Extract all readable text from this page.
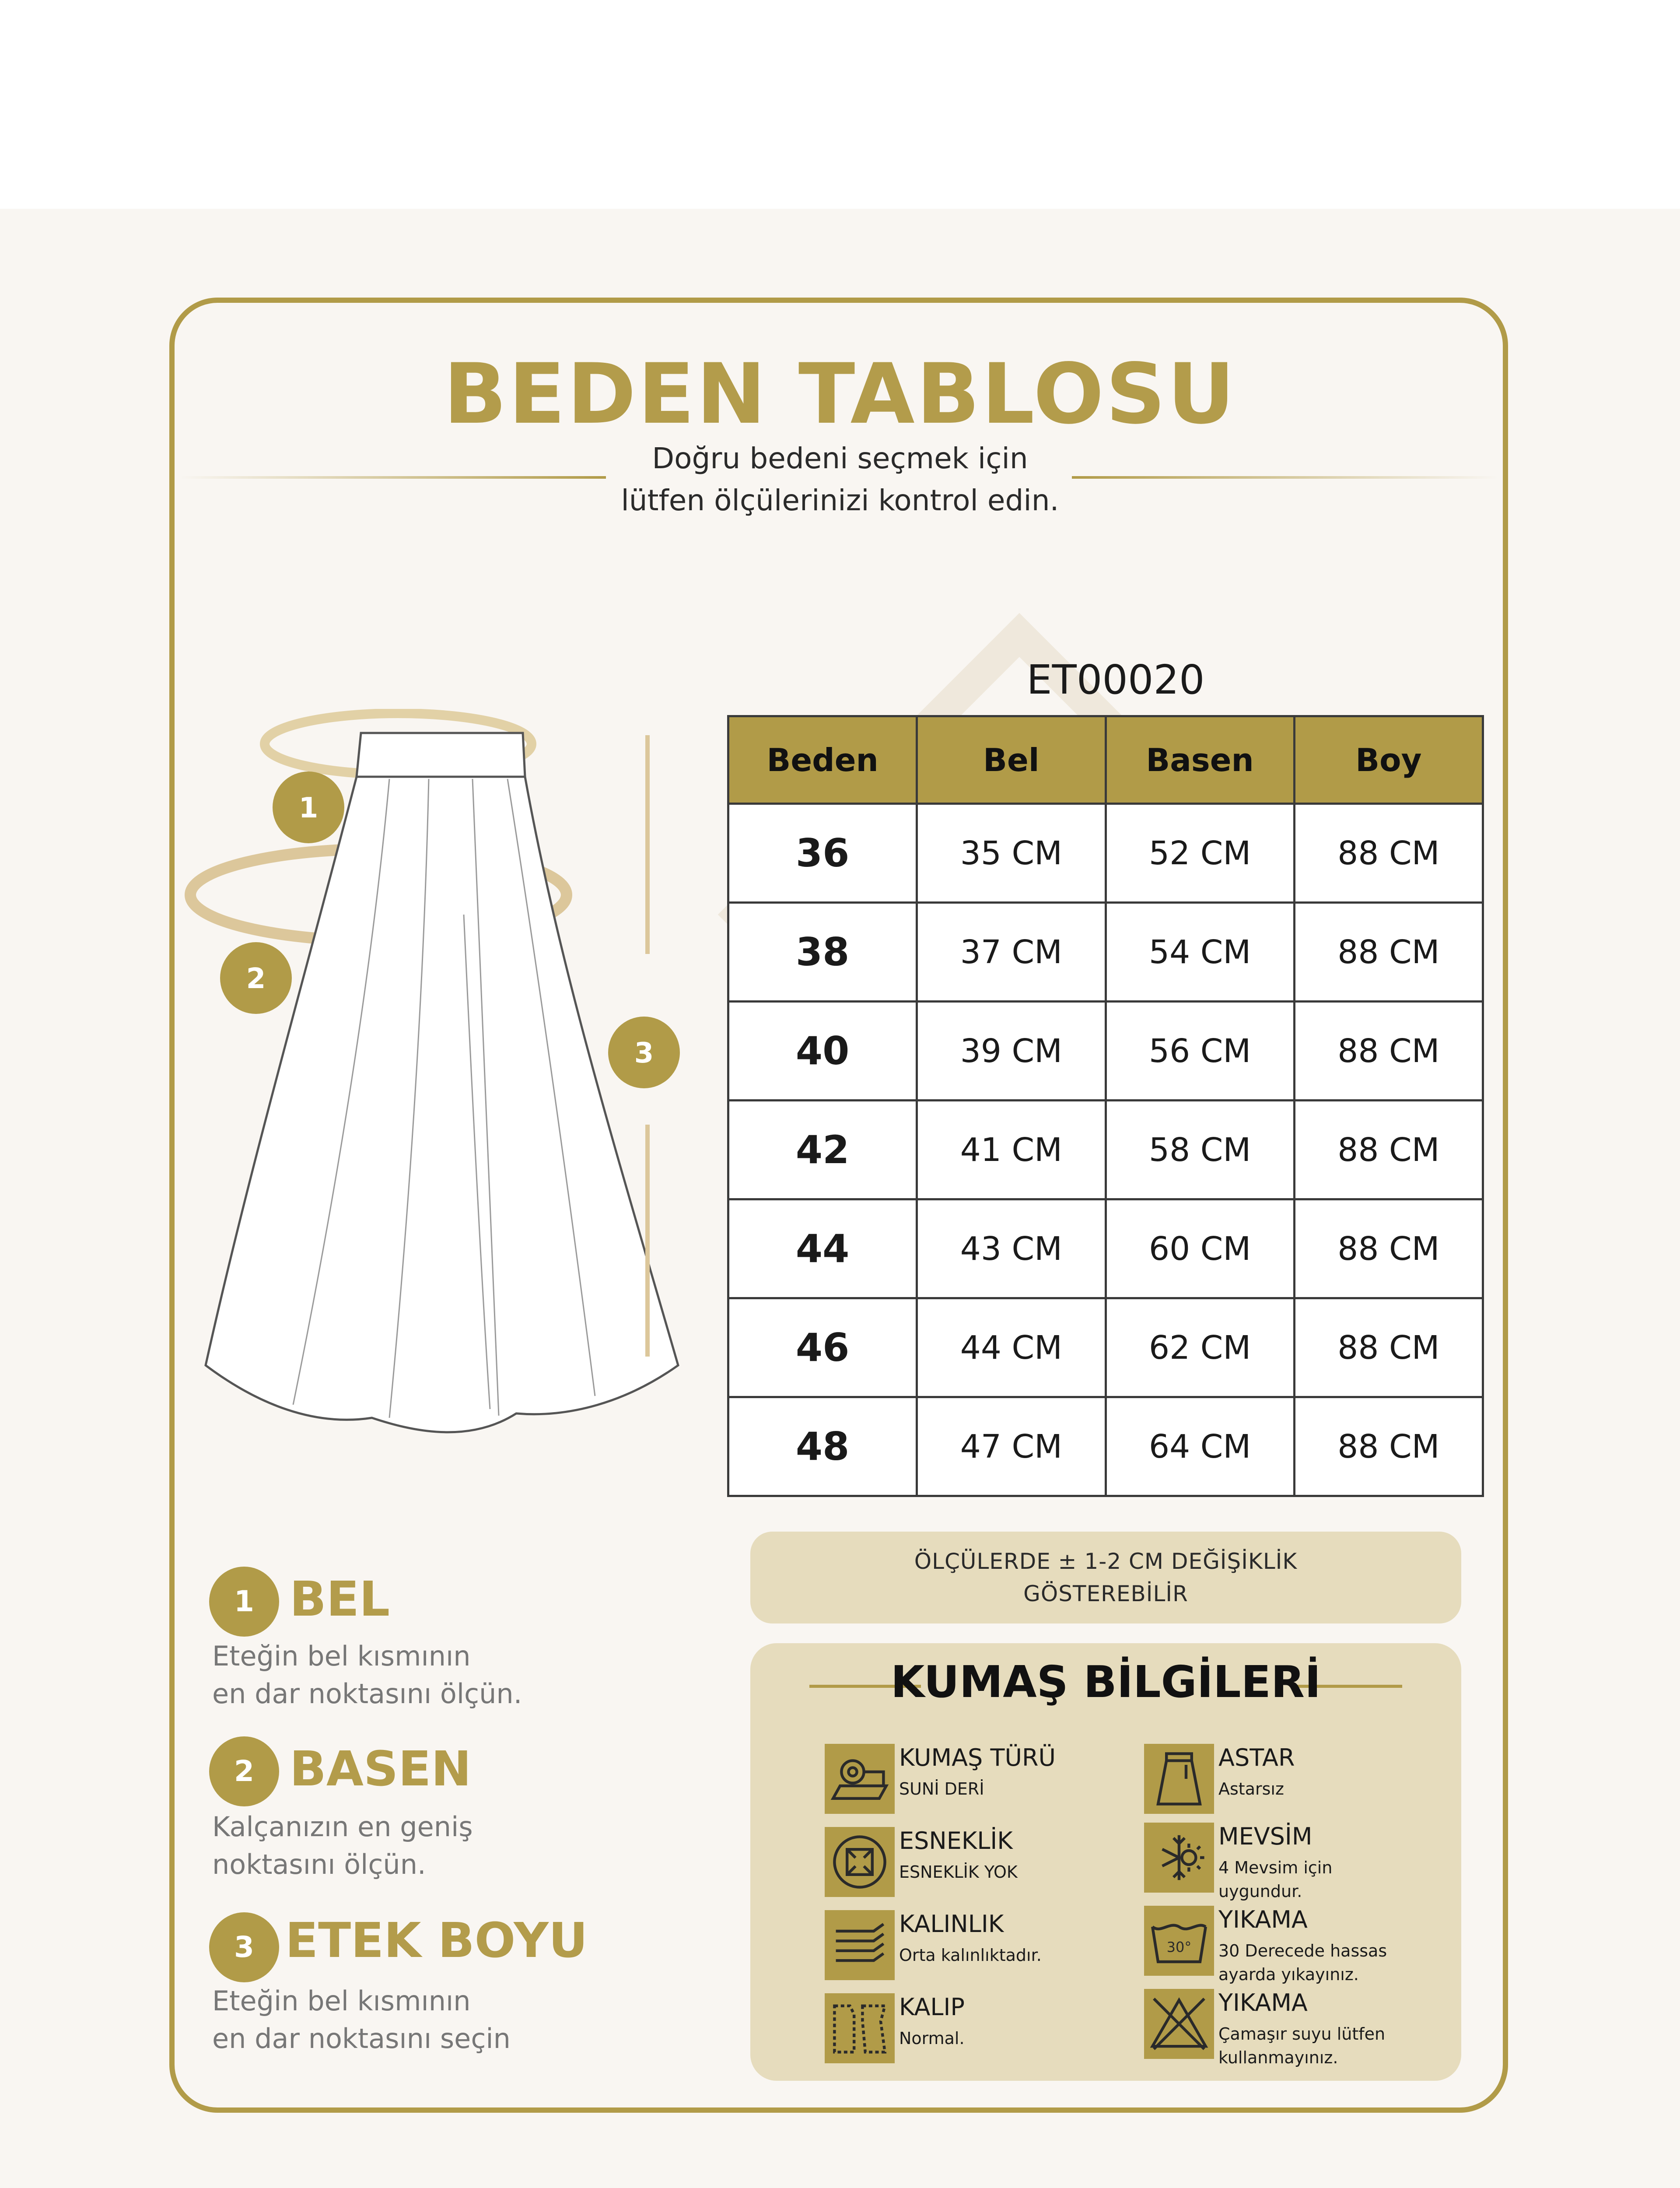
BEDEN TABLOSU
Doğru bedeni seçmek için
lütfen ölçülerinizi kontrol edin.
1
2
3
ET00020
Beden	Bel	Basen	Boy
36	35 CM	52 CM	88 CM
38	37 CM	54 CM	88 CM
40	39 CM	56 CM	88 CM
42	41 CM	58 CM	88 CM
44	43 CM	60 CM	88 CM
46	44 CM	62 CM	88 CM
48	47 CM	64 CM	88 CM
1 BEL
Eteğin bel kısmının
en dar noktasını ölçün.
2 BASEN
Kalçanızın en geniş
noktasını ölçün.
3 ETEK BOYU
Eteğin bel kısmının
en dar noktasını seçin
ÖLÇÜLERDE ± 1-2 CM DEĞİŞİKLİK
GÖSTEREBİLİR
KUMAŞ BİLGİLERİ
KUMAŞ TÜRÜ
SUNİ DERİ
ASTAR
Astarsız
ESNEKLİK
ESNEKLİK YOK
MEVSİM
4 Mevsim için uygundur.
KALINLIK
Orta kalınlıktadır.	30°
YIKAMA
30 Derecede hassas ayarda yıkayınız.
KALIP
Normal.
YIKAMA
Çamaşır suyu lütfen kullanmayınız.
